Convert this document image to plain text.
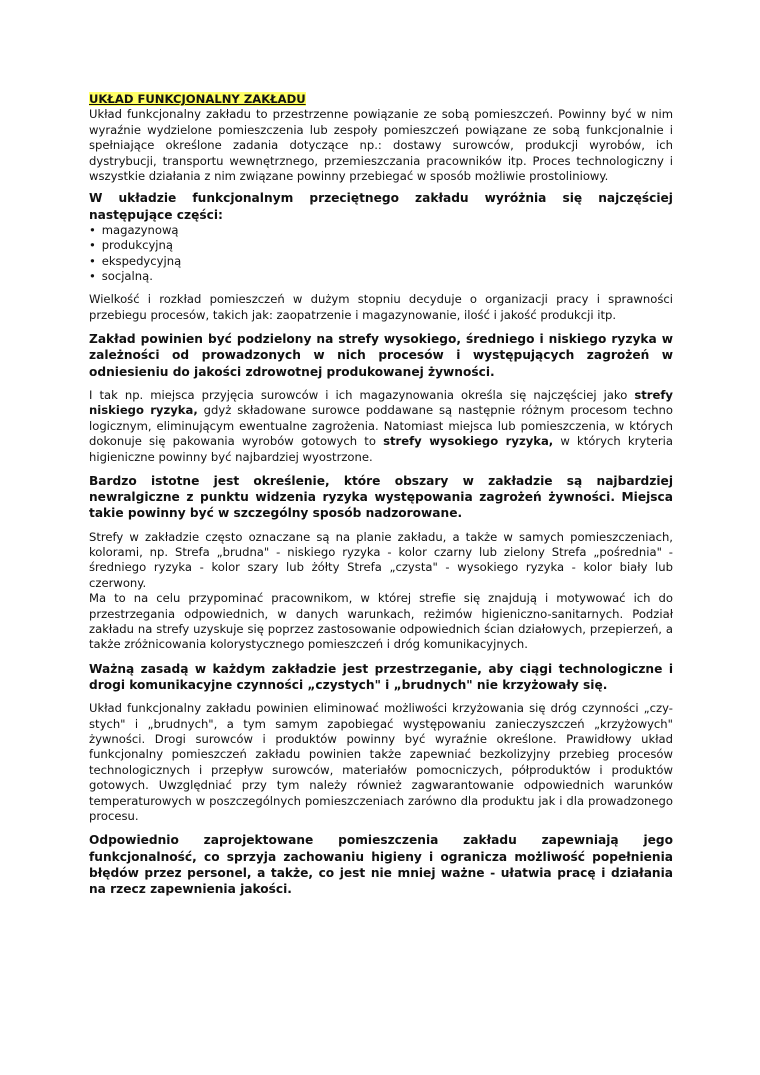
UKŁAD FUNKCJONALNY ZAKŁADU

Układ funkcjonalny zakładu to przestrzenne powiązanie ze sobą pomieszczeń. Powinny być w nim wyraźnie wydzielone pomieszczenia lub zespoły pomieszczeń powiązane ze sobą funkcjonalnie i spełniające określone zadania dotyczące np.: dostawy surowców, produkcji wyrobów, ich dystrybucji, transportu wewnętrznego, przemieszczania pracowników itp. Proces technologiczny i wszystkie działania z nim związane powinny przebiegać w sposób możliwie prostoliniowy.

W układzie funkcjonalnym przeciętnego zakładu wyróżnia się najczęściej następujące części:

• magazynową
• produkcyjną
• ekspedycyjną
• socjalną.

Wielkość i rozkład pomieszczeń w dużym stopniu decyduje o organizacji pracy i sprawności przebiegu procesów, takich jak: zaopatrzenie i magazynowanie, ilość i jakość produkcji itp.

Zakład powinien być podzielony na strefy wysokiego, średniego i niskiego ryzyka w zależności od prowadzonych w nich procesów i występujących zagrożeń w odniesieniu do jakości zdrowotnej produkowanej żywności.

I tak np. miejsca przyjęcia surowców i ich magazynowania określa się najczęściej jako strefy niskiego ryzyka, gdyż składowane surowce poddawane są następnie różnym procesom techno logicznym, eliminującym ewentualne zagrożenia. Natomiast miejsca lub pomieszczenia, w których dokonuje się pakowania wyrobów gotowych to strefy wysokiego ryzyka, w których kryteria higieniczne powinny być najbardziej wyostrzone.

Bardzo istotne jest określenie, które obszary w zakładzie są najbardziej newralgiczne z punktu widzenia ryzyka występowania zagrożeń żywności. Miejsca takie powinny być w szczególny sposób nadzorowane.

Strefy w zakładzie często oznaczane są na planie zakładu, a także w samych pomieszczeniach, kolorami, np. Strefa „brudna" - niskiego ryzyka - kolor czarny lub zielony Strefa „pośrednia" - średniego ryzyka - kolor szary lub żółty Strefa „czysta" - wysokiego ryzyka - kolor biały lub czerwony.

Ma to na celu przypominać pracownikom, w której strefie się znajdują i motywować ich do przestrzegania odpowiednich, w danych warunkach, reżimów higieniczno-sanitarnych. Podział zakładu na strefy uzyskuje się poprzez zastosowanie odpowiednich ścian działowych, przepierzeń, a także zróżnicowania kolorystycznego pomieszczeń i dróg komunikacyjnych.

Ważną zasadą w każdym zakładzie jest przestrzeganie, aby ciągi technologiczne i drogi komunikacyjne czynności „czystych" i „brudnych" nie krzyżowały się.

Układ funkcjonalny zakładu powinien eliminować możliwości krzyżowania się dróg czynności „czy-stych" i „brudnych", a tym samym zapobiegać występowaniu zanieczyszczeń „krzyżowych" żywności. Drogi surowców i produktów powinny być wyraźnie określone. Prawidłowy układ funkcjonalny pomieszczeń zakładu powinien także zapewniać bezkolizyjny przebieg procesów technologicznych i przepływ surowców, materiałów pomocniczych, półproduktów i produktów gotowych. Uwzględniać przy tym należy również zagwarantowanie odpowiednich warunków temperaturowych w poszczególnych pomieszczeniach zarówno dla produktu jak i dla prowadzonego procesu.

Odpowiednio zaprojektowane pomieszczenia zakładu zapewniają jego funkcjonalność, co sprzyja zachowaniu higieny i ogranicza możliwość popełnienia błędów przez personel, a także, co jest nie mniej ważne - ułatwia pracę i działania na rzecz zapewnienia jakości.
